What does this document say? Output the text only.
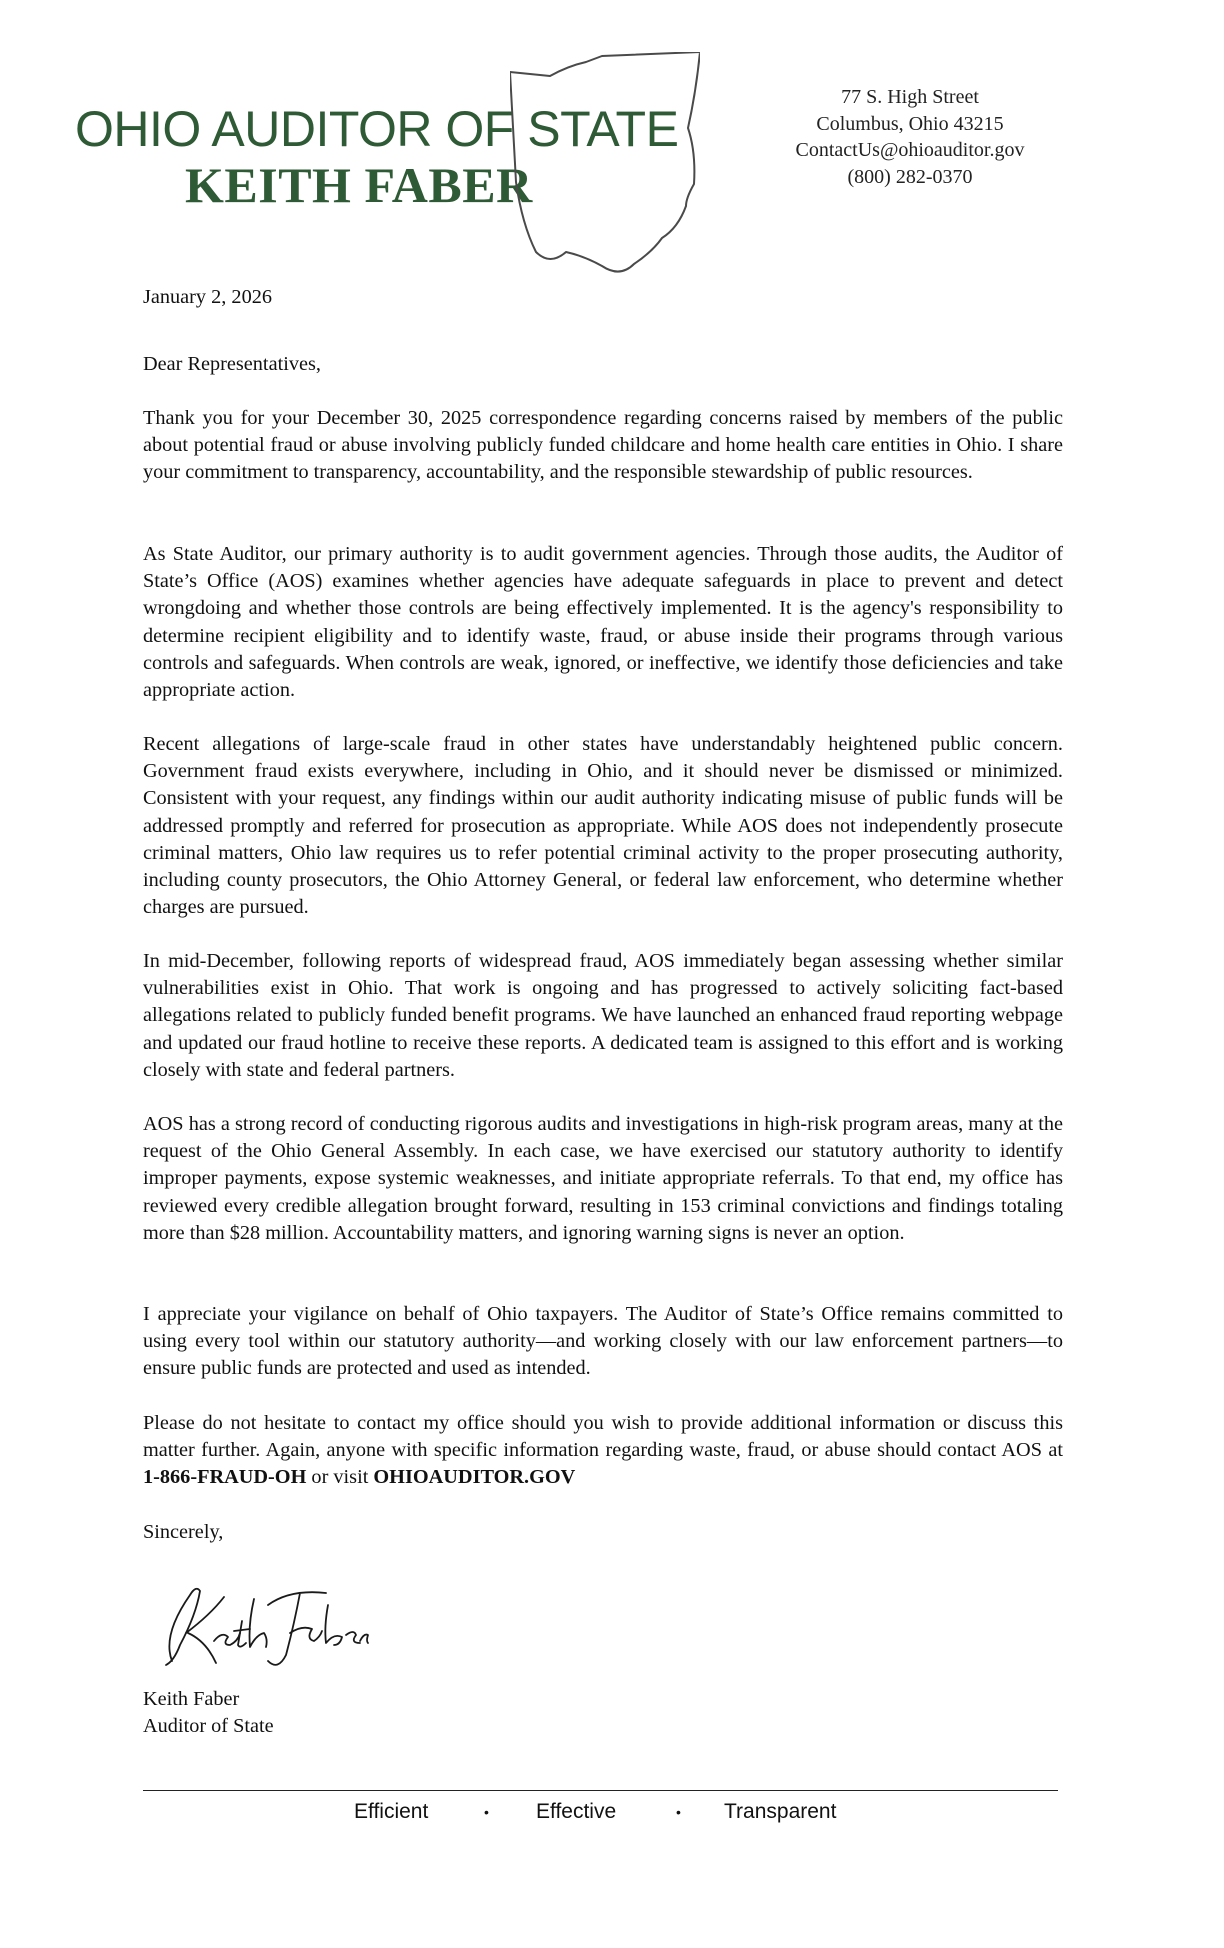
OHIO AUDITOR OF STATE
KEITH FABER
77 S. High Street
Columbus, Ohio 43215
ContactUs@ohioauditor.gov
(800) 282-0370
January 2, 2026
Dear Representatives,

Thank you for your December 30, 2025 correspondence regarding concerns raised by members of the public about potential fraud or abuse involving publicly funded childcare and home health care entities in Ohio. I share your commitment to transparency, accountability, and the responsible stewardship of public resources.

As State Auditor, our primary authority is to audit government agencies. Through those audits, the Auditor of State’s Office (AOS) examines whether agencies have adequate safeguards in place to prevent and detect wrongdoing and whether those controls are being effectively implemented. It is the agency's responsibility to determine recipient eligibility and to identify waste, fraud, or abuse inside their programs through various controls and safeguards. When controls are weak, ignored, or ineffective, we identify those deficiencies and take appropriate action.

Recent allegations of large-scale fraud in other states have understandably heightened public concern. Government fraud exists everywhere, including in Ohio, and it should never be dismissed or minimized. Consistent with your request, any findings within our audit authority indicating misuse of public funds will be addressed promptly and referred for prosecution as appropriate. While AOS does not independently prosecute criminal matters, Ohio law requires us to refer potential criminal activity to the proper prosecuting authority, including county prosecutors, the Ohio Attorney General, or federal law enforcement, who determine whether charges are pursued.

In mid-December, following reports of widespread fraud, AOS immediately began assessing whether similar vulnerabilities exist in Ohio. That work is ongoing and has progressed to actively soliciting fact-based allegations related to publicly funded benefit programs. We have launched an enhanced fraud reporting webpage and updated our fraud hotline to receive these reports. A dedicated team is assigned to this effort and is working closely with state and federal partners.

AOS has a strong record of conducting rigorous audits and investigations in high-risk program areas, many at the request of the Ohio General Assembly. In each case, we have exercised our statutory authority to identify improper payments, expose systemic weaknesses, and initiate appropriate referrals. To that end, my office has reviewed every credible allegation brought forward, resulting in 153 criminal convictions and findings totaling more than $28 million. Accountability matters, and ignoring warning signs is never an option.

I appreciate your vigilance on behalf of Ohio taxpayers. The Auditor of State’s Office remains committed to using every tool within our statutory authority—and working closely with our law enforcement partners—to ensure public funds are protected and used as intended.

Please do not hesitate to contact my office should you wish to provide additional information or discuss this matter further. Again, anyone with specific information regarding waste, fraud, or abuse should contact AOS at 1-866-FRAUD-OH or visit OHIOAUDITOR.GOV

Sincerely,
Keith Faber
Auditor of State
Efficient	• Effective	• Transparent
